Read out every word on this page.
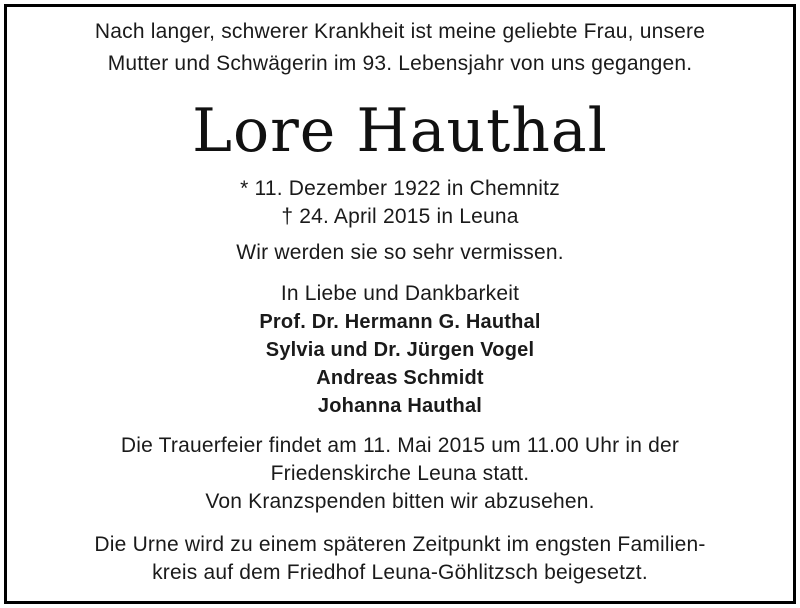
Nach langer, schwerer Krankheit ist meine geliebte Frau, unsere
Mutter und Schwägerin im 93. Lebensjahr von uns gegangen.
Lore Hauthal
* 11. Dezember 1922 in Chemnitz
† 24. April 2015 in Leuna
Wir werden sie so sehr vermissen.
In Liebe und Dankbarkeit
Prof. Dr. Hermann G. Hauthal
Sylvia und Dr. Jürgen Vogel
Andreas Schmidt
Johanna Hauthal
Die Trauerfeier findet am 11. Mai 2015 um 11.00 Uhr in der
Friedenskirche Leuna statt.
Von Kranzspenden bitten wir abzusehen.
Die Urne wird zu einem späteren Zeitpunkt im engsten Familien-
kreis auf dem Friedhof Leuna-Göhlitzsch beigesetzt.
